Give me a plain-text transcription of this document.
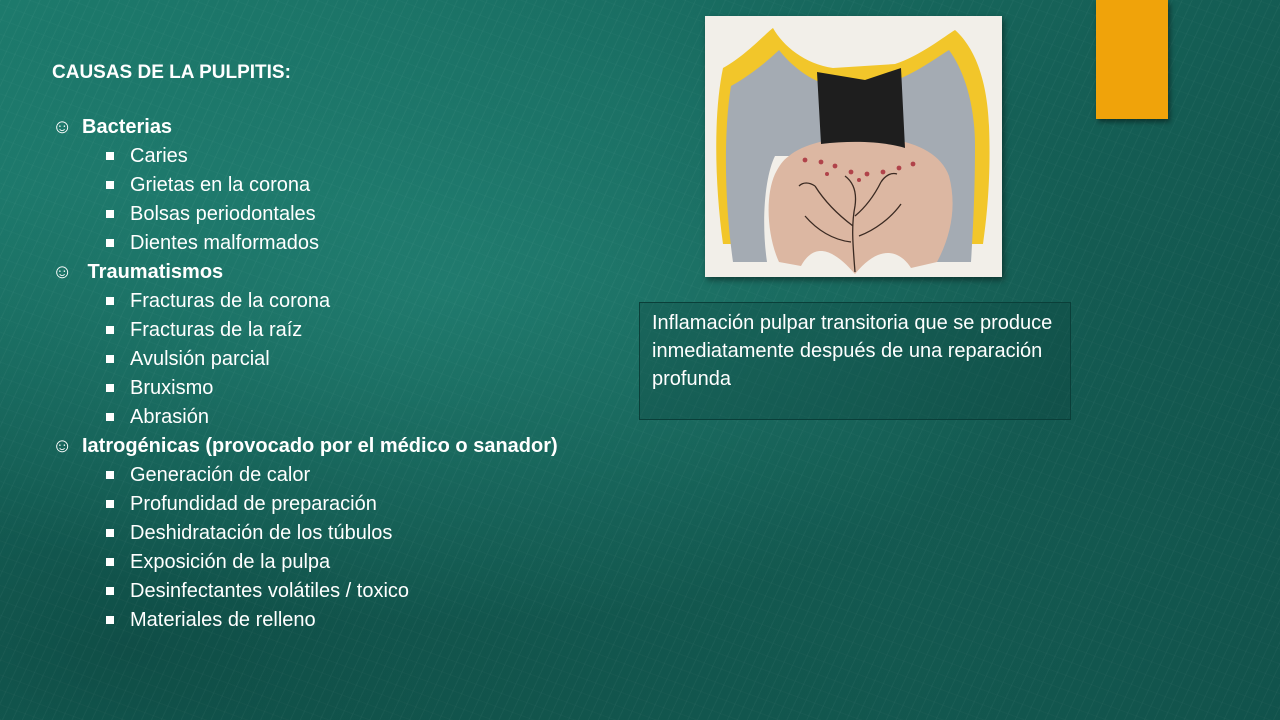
CAUSAS DE LA PULPITIS:
☺ Bacterias
Caries
Grietas en la corona
Bolsas periodontales
Dientes malformados
☺ Traumatismos
Fracturas de la corona
Fracturas de la raíz
Avulsión parcial
Bruxismo
Abrasión
☺ Iatrogénicas (provocado por el médico o sanador)
Generación de calor
Profundidad de preparación
Deshidratación de los túbulos
Exposición de la pulpa
Desinfectantes volátiles / toxico
Materiales de relleno
Inflamación pulpar transitoria que se produce inmediatamente después de una reparación profunda
